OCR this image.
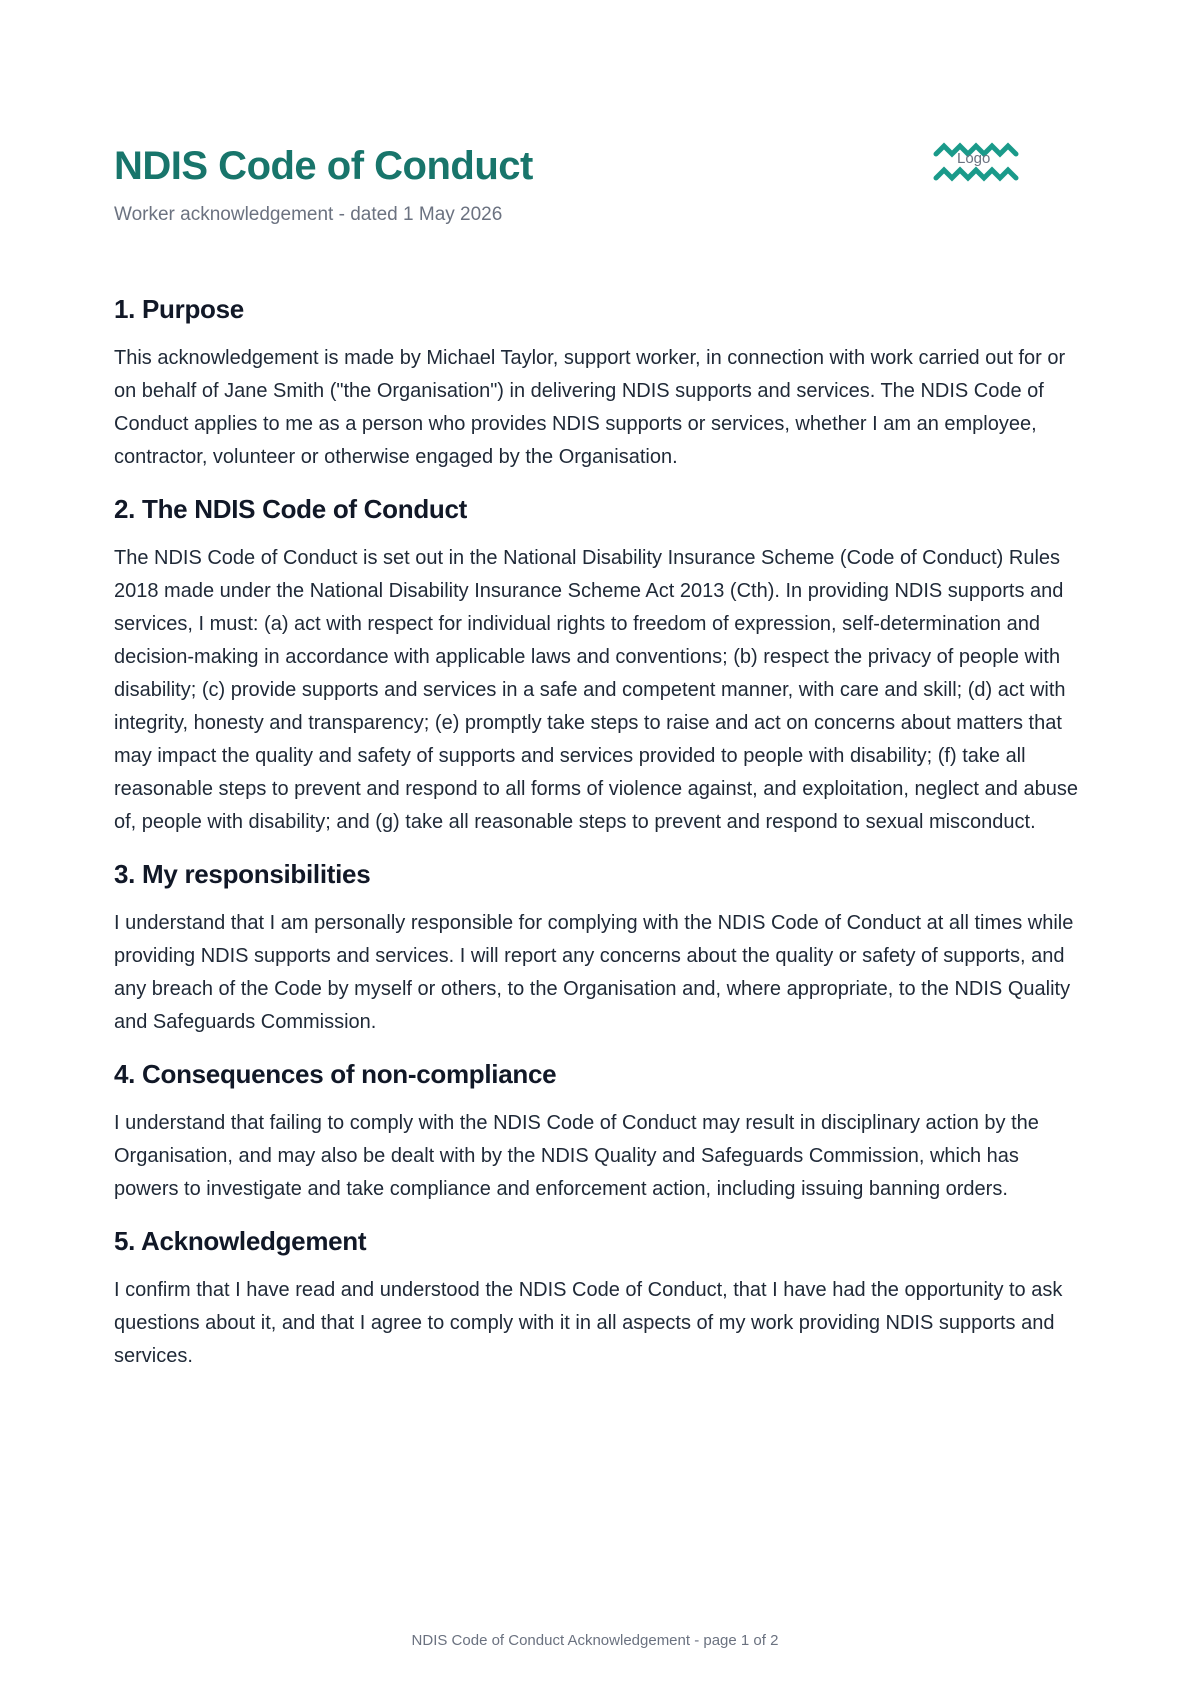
NDIS Code of Conduct
Worker acknowledgement - dated 1 May 2026
Logo
1. Purpose

This acknowledgement is made by Michael Taylor, support worker, in connection with work carried out for or on behalf of Jane Smith ("the Organisation") in delivering NDIS supports and services. The NDIS Code of Conduct applies to me as a person who provides NDIS supports or services, whether I am an employee, contractor, volunteer or otherwise engaged by the Organisation.

2. The NDIS Code of Conduct

The NDIS Code of Conduct is set out in the National Disability Insurance Scheme (Code of Conduct) Rules 2018 made under the National Disability Insurance Scheme Act 2013 (Cth). In providing NDIS supports and services, I must: (a) act with respect for individual rights to freedom of expression, self-determination and decision-making in accordance with applicable laws and conventions; (b) respect the privacy of people with disability; (c) provide supports and services in a safe and competent manner, with care and skill; (d) act with integrity, honesty and transparency; (e) promptly take steps to raise and act on concerns about matters that may impact the quality and safety of supports and services provided to people with disability; (f) take all reasonable steps to prevent and respond to all forms of violence against, and exploitation, neglect and abuse of, people with disability; and (g) take all reasonable steps to prevent and respond to sexual misconduct.

3. My responsibilities

I understand that I am personally responsible for complying with the NDIS Code of Conduct at all times while providing NDIS supports and services. I will report any concerns about the quality or safety of supports, and any breach of the Code by myself or others, to the Organisation and, where appropriate, to the NDIS Quality and Safeguards Commission.

4. Consequences of non-compliance

I understand that failing to comply with the NDIS Code of Conduct may result in disciplinary action by the Organisation, and may also be dealt with by the NDIS Quality and Safeguards Commission, which has powers to investigate and take compliance and enforcement action, including issuing banning orders.

5. Acknowledgement

I confirm that I have read and understood the NDIS Code of Conduct, that I have had the opportunity to ask questions about it, and that I agree to comply with it in all aspects of my work providing NDIS supports and services.

NDIS Code of Conduct Acknowledgement - page 1 of 2
